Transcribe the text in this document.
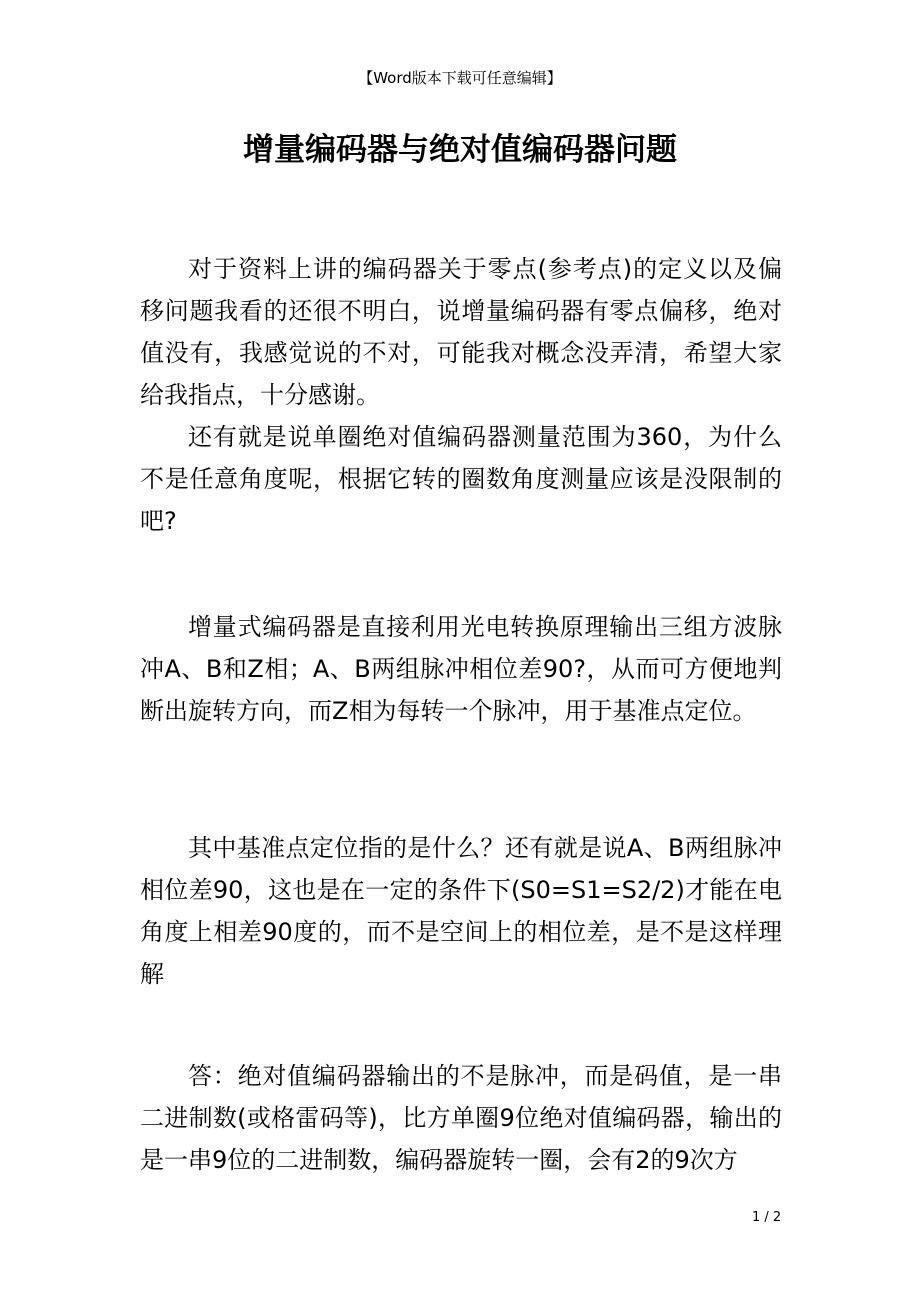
【Word版本下载可任意编辑】
增量编码器与绝对值编码器问题

对于资料上讲的编码器关于零点(参考点)的定义以及偏移问题我看的还很不明白，说增量编码器有零点偏移，绝对值没有，我感觉说的不对，可能我对概念没弄清，希望大家给我指点，十分感谢。

还有就是说单圈绝对值编码器测量范围为360，为什么不是任意角度呢，根据它转的圈数角度测量应该是没限制的吧?

增量式编码器是直接利用光电转换原理输出三组方波脉冲A、B和Z相；A、B两组脉冲相位差90?，从而可方便地判断出旋转方向，而Z相为每转一个脉冲，用于基准点定位。

其中基准点定位指的是什么？还有就是说A、B两组脉冲相位差90，这也是在一定的条件下(S0=S1=S2/2)才能在电角度上相差90度的，而不是空间上的相位差，是不是这样理解

答：绝对值编码器输出的不是脉冲，而是码值，是一串二进制数(或格雷码等)，比方单圈9位绝对值编码器，输出的是一串9位的二进制数，编码器旋转一圈，会有2的9次方

1 / 2
